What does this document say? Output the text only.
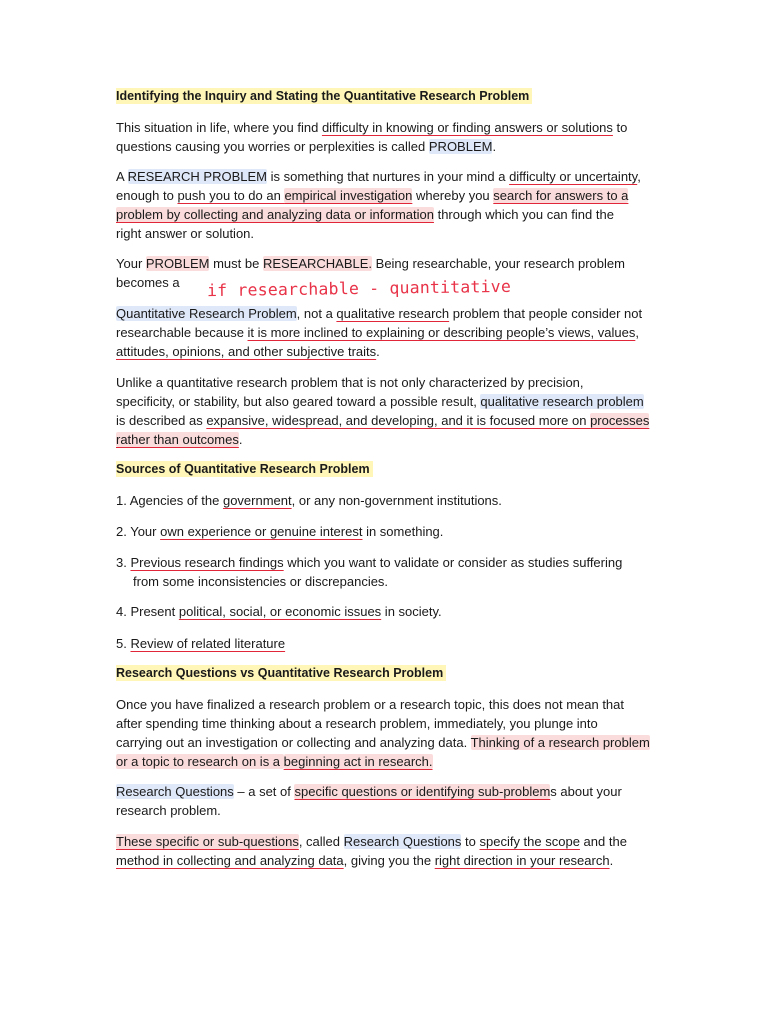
Identifying the Inquiry and Stating the Quantitative Research Problem

This situation in life, where you find difficulty in knowing or finding answers or solutions to
questions causing you worries or perplexities is called PROBLEM.

A RESEARCH PROBLEM is something that nurtures in your mind a difficulty or uncertainty,
enough to push you to do an empirical investigation whereby you search for answers to a
problem by collecting and analyzing data or information through which you can find the
right answer or solution.

Your PROBLEM must be RESEARCHABLE. Being researchable, your research problem
becomes a	if researchable - quantitative

Quantitative Research Problem, not a qualitative research problem that people consider not
researchable because it is more inclined to explaining or describing people’s views, values,
attitudes, opinions, and other subjective traits.

Unlike a quantitative research problem that is not only characterized by precision,
specificity, or stability, but also geared toward a possible result, qualitative research problem
is described as expansive, widespread, and developing, and it is focused more on processes
rather than outcomes.

Sources of Quantitative Research Problem

1. Agencies of the government, or any non-government institutions.

2. Your own experience or genuine interest in something.

3. Previous research findings which you want to validate or consider as studies suffering

from some inconsistencies or discrepancies.

4. Present political, social, or economic issues in society.

5. Review of related literature

Research Questions vs Quantitative Research Problem

Once you have finalized a research problem or a research topic, this does not mean that
after spending time thinking about a research problem, immediately, you plunge into
carrying out an investigation or collecting and analyzing data. Thinking of a research problem
or a topic to research on is a beginning act in research.

Research Questions – a set of specific questions or identifying sub-problems about your
research problem.

These specific or sub-questions, called Research Questions to specify the scope and the
method in collecting and analyzing data, giving you the right direction in your research.
